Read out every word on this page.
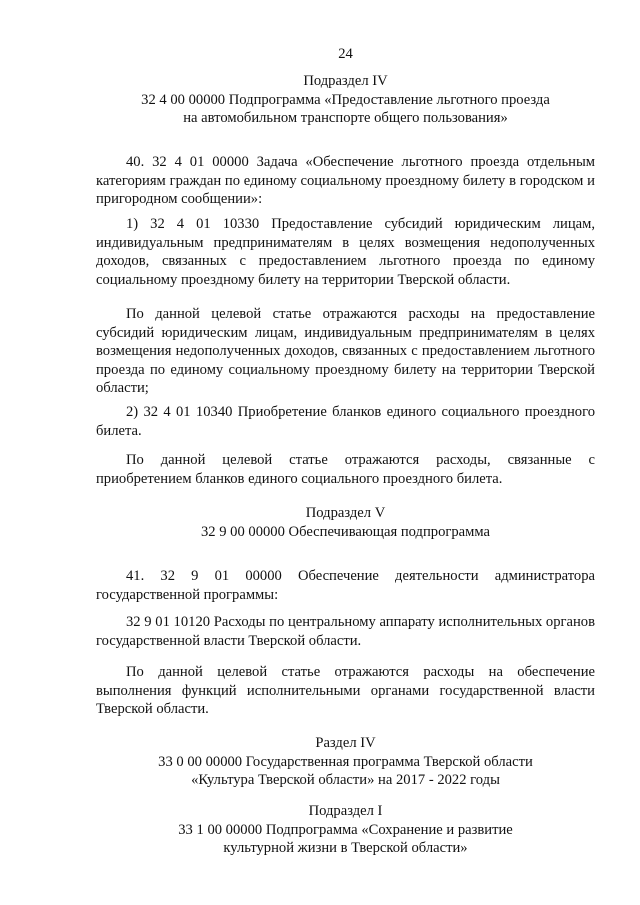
24
Подраздел IV
32 4 00 00000 Подпрограмма «Предоставление льготного проезда
на автомобильном транспорте общего пользования»

40. 32 4 01 00000 Задача «Обеспечение льготного проезда отдельным категориям граждан по единому социальному проездному билету в городском и пригородном сообщении»:

1) 32 4 01 10330 Предоставление субсидий юридическим лицам, индивидуальным предпринимателям в целях возмещения недополученных доходов, связанных с предоставлением льготного проезда по единому социальному проездному билету на территории Тверской области.

По данной целевой статье отражаются расходы на предоставление субсидий юридическим лицам, индивидуальным предпринимателям в целях возмещения недополученных доходов, связанных с предоставлением льготного проезда по единому социальному проездному билету на территории Тверской области;

2) 32 4 01 10340 Приобретение бланков единого социального проездного билета.

По данной целевой статье отражаются расходы, связанные с приобретением бланков единого социального проездного билета.

Подраздел V
32 9 00 00000 Обеспечивающая подпрограмма

41. 32 9 01 00000 Обеспечение деятельности администратора государственной программы:

32 9 01 10120 Расходы по центральному аппарату исполнительных органов государственной власти Тверской области.

По данной целевой статье отражаются расходы на обеспечение выполнения функций исполнительными органами государственной власти Тверской области.

Раздел IV
33 0 00 00000 Государственная программа Тверской области
«Культура Тверской области» на 2017 - 2022 годы
Подраздел I
33 1 00 00000 Подпрограмма «Сохранение и развитие
культурной жизни в Тверской области»
